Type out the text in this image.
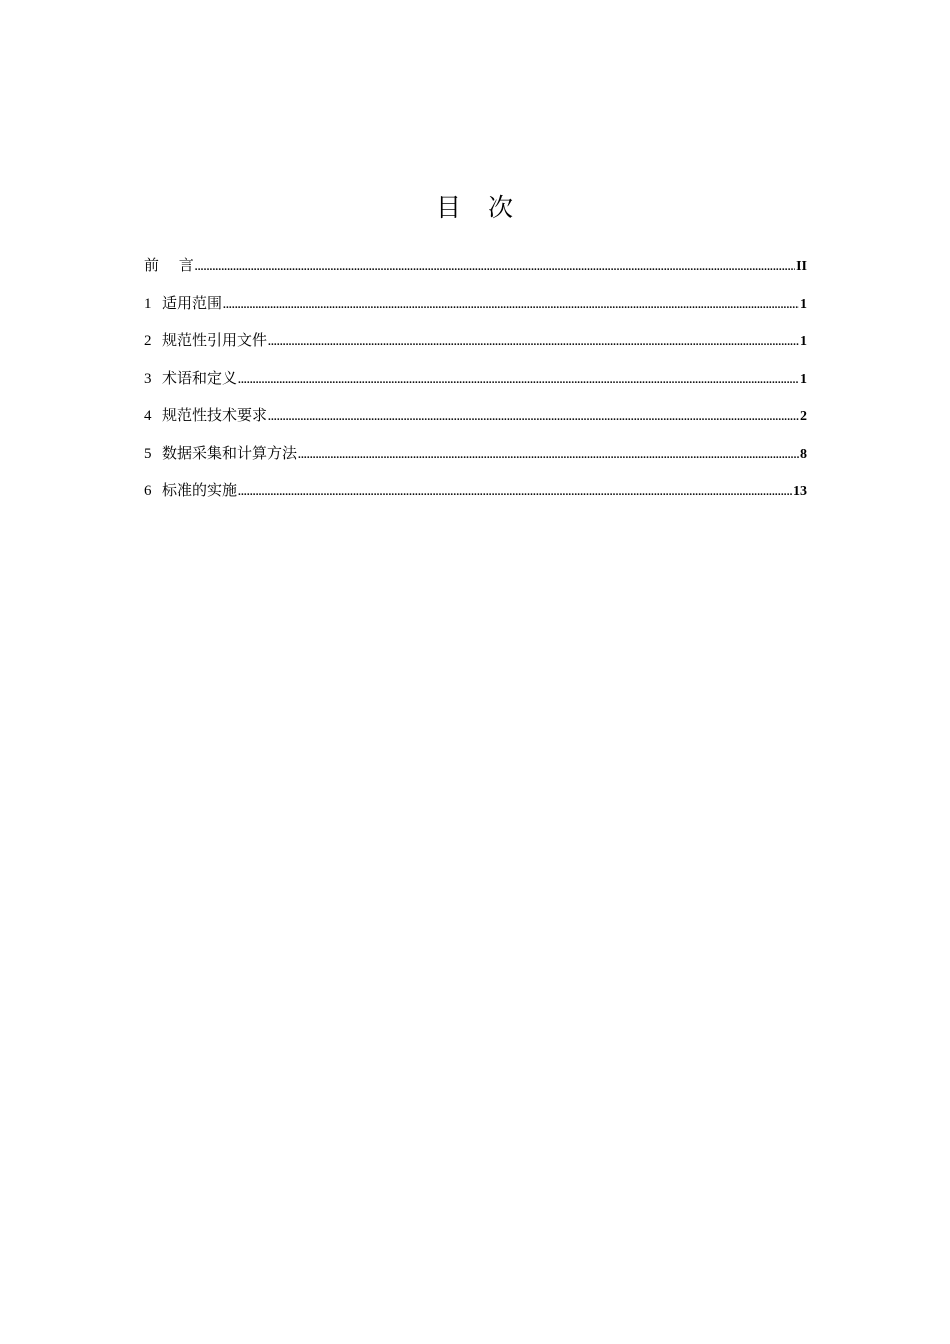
目　次
前　 言 .....	II
1 适用范围 .....	1
2 规范性引用文件 .....	1
3 术语和定义 .....	1
4 规范性技术要求 .....	2
5 数据采集和计算方法 .....	8
6 标准的实施 .....	13
